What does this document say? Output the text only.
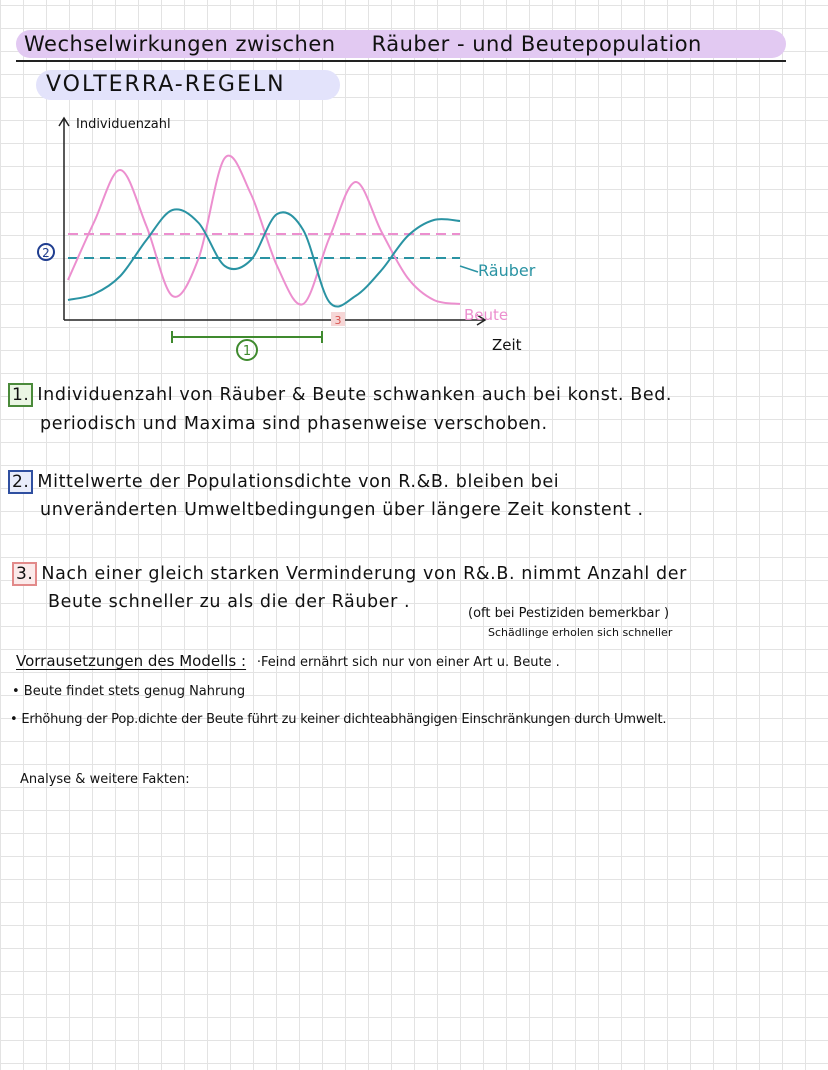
Wechselwirkungen zwischen Räuber - und Beutepopulation
VOLTERRA-REGELN
Individuenzahl
Zeit
2
3
1
Räuber
Beute
1. Individuenzahl von Räuber & Beute schwanken auch bei konst. Bed.
periodisch und Maxima sind phasenweise verschoben.
2. Mittelwerte der Populationsdichte von R.&B. bleiben bei
unveränderten Umweltbedingungen über längere Zeit konstent .
3. Nach einer gleich starken Verminderung von R&.B. nimmt Anzahl der
Beute schneller zu als die der Räuber .
(oft bei Pestiziden bemerkbar )
Schädlinge erholen sich schneller
Vorrausetzungen des Modells : ·Feind ernährt sich nur von einer Art u. Beute .
• Beute findet stets genug Nahrung
• Erhöhung der Pop.dichte der Beute führt zu keiner dichteabhängigen Einschränkungen durch Umwelt.
Analyse & weitere Fakten:
